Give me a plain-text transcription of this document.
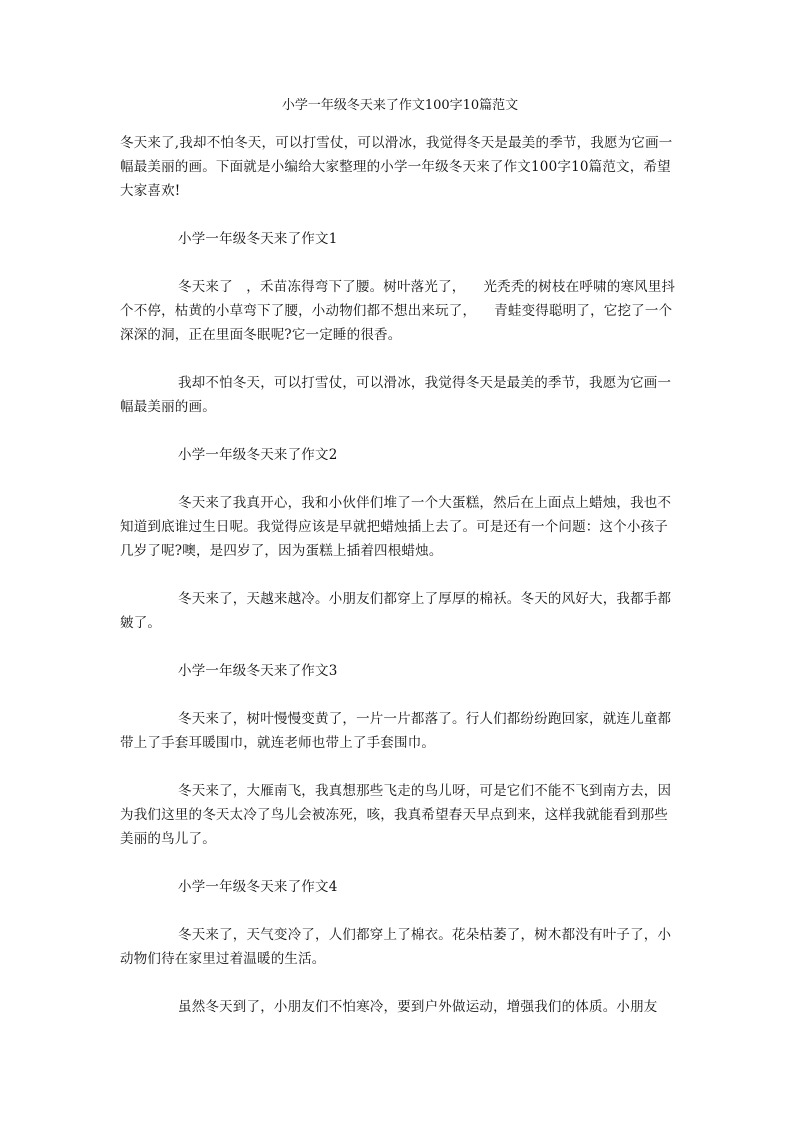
小学一年级冬天来了作文100字10篇范文

冬天来了,我却不怕冬天，可以打雪仗，可以滑冰，我觉得冬天是最美的季节，我愿为它画一幅最美丽的画。下面就是小编给大家整理的小学一年级冬天来了作文100字10篇范文，希望大家喜欢!

小学一年级冬天来了作文1

冬天来了   ，禾苗冻得弯下了腰。树叶落光了，    光秃秃的树枝在呼啸的寒风里抖个不停，枯黄的小草弯下了腰，小动物们都不想出来玩了，    青蛙变得聪明了，它挖了一个深深的洞，正在里面冬眠呢?它一定睡的很香。

我却不怕冬天，可以打雪仗，可以滑冰，我觉得冬天是最美的季节，我愿为它画一幅最美丽的画。

小学一年级冬天来了作文2

冬天来了我真开心，我和小伙伴们堆了一个大蛋糕，然后在上面点上蜡烛，我也不知道到底谁过生日呢。我觉得应该是早就把蜡烛插上去了。可是还有一个问题：这个小孩子几岁了呢?噢，是四岁了，因为蛋糕上插着四根蜡烛。

冬天来了，天越来越冷。小朋友们都穿上了厚厚的棉袄。冬天的风好大，我都手都皴了。

小学一年级冬天来了作文3

冬天来了，树叶慢慢变黄了，一片一片都落了。行人们都纷纷跑回家，就连儿童都带上了手套耳暖围巾，就连老师也带上了手套围巾。

冬天来了，大雁南飞，我真想那些飞走的鸟儿呀，可是它们不能不飞到南方去，因为我们这里的冬天太冷了鸟儿会被冻死，咳，我真希望春天早点到来，这样我就能看到那些美丽的鸟儿了。

小学一年级冬天来了作文4

冬天来了，天气变冷了，人们都穿上了棉衣。花朵枯萎了，树木都没有叶子了，小动物们待在家里过着温暖的生活。

虽然冬天到了，小朋友们不怕寒冷，要到户外做运动，增强我们的体质。小朋友
